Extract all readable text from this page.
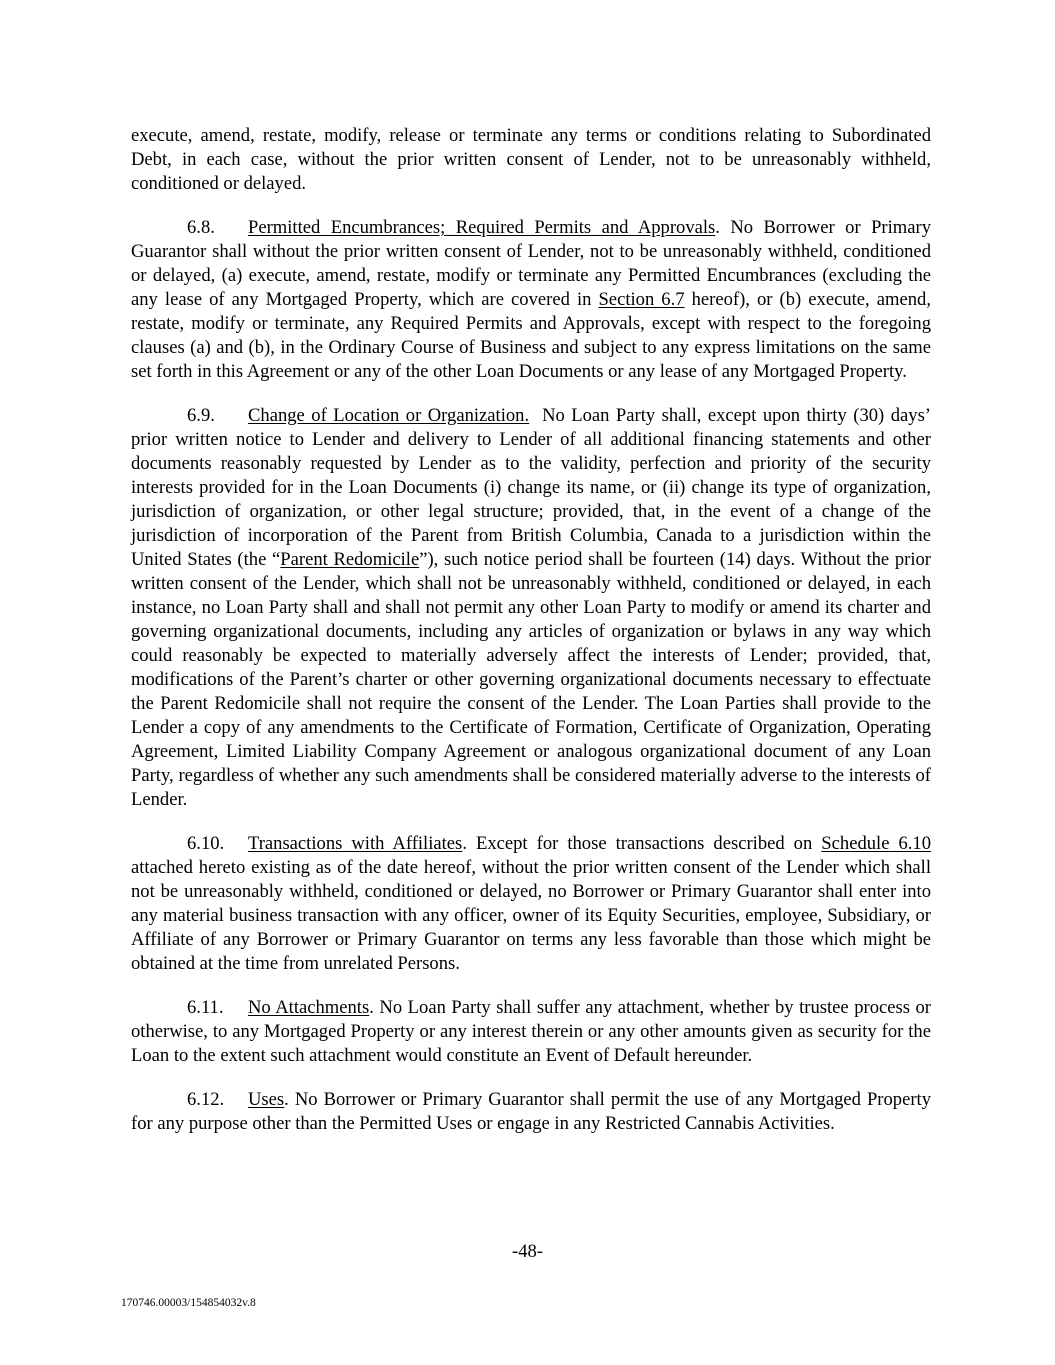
execute, amend, restate, modify, release or terminate any terms or conditions relating to Subordinated Debt, in each case, without the prior written consent of Lender, not to be unreasonably withheld, conditioned or delayed.

6.8. Permitted Encumbrances; Required Permits and Approvals. No Borrower or Primary Guarantor shall without the prior written consent of Lender, not to be unreasonably withheld, conditioned or delayed, (a) execute, amend, restate, modify or terminate any Permitted Encumbrances (excluding the any lease of any Mortgaged Property, which are covered in Section 6.7 hereof), or (b) execute, amend, restate, modify or terminate, any Required Permits and Approvals, except with respect to the foregoing clauses (a) and (b), in the Ordinary Course of Business and subject to any express limitations on the same set forth in this Agreement or any of the other Loan Documents or any lease of any Mortgaged Property.

6.9. Change of Location or Organization.  No Loan Party shall, except upon thirty (30) days’ prior written notice to Lender and delivery to Lender of all additional financing statements and other documents reasonably requested by Lender as to the validity, perfection and priority of the security interests provided for in the Loan Documents (i) change its name, or (ii) change its type of organization, jurisdiction of organization, or other legal structure; provided, that, in the event of a change of the jurisdiction of incorporation of the Parent from British Columbia, Canada to a jurisdiction within the United States (the “Parent Redomicile”), such notice period shall be fourteen (14) days. Without the prior written consent of the Lender, which shall not be unreasonably withheld, conditioned or delayed, in each instance, no Loan Party shall and shall not permit any other Loan Party to modify or amend its charter and governing organizational documents, including any articles of organization or bylaws in any way which could reasonably be expected to materially adversely affect the interests of Lender; provided, that, modifications of the Parent’s charter or other governing organizational documents necessary to effectuate the Parent Redomicile shall not require the consent of the Lender. The Loan Parties shall provide to the Lender a copy of any amendments to the Certificate of Formation, Certificate of Organization, Operating Agreement, Limited Liability Company Agreement or analogous organizational document of any Loan Party, regardless of whether any such amendments shall be considered materially adverse to the interests of Lender.

6.10. Transactions with Affiliates. Except for those transactions described on Schedule 6.10 attached hereto existing as of the date hereof, without the prior written consent of the Lender which shall not be unreasonably withheld, conditioned or delayed, no Borrower or Primary Guarantor shall enter into any material business transaction with any officer, owner of its Equity Securities, employee, Subsidiary, or Affiliate of any Borrower or Primary Guarantor on terms any less favorable than those which might be obtained at the time from unrelated Persons.

6.11. No Attachments. No Loan Party shall suffer any attachment, whether by trustee process or otherwise, to any Mortgaged Property or any interest therein or any other amounts given as security for the Loan to the extent such attachment would constitute an Event of Default hereunder.

6.12. Uses. No Borrower or Primary Guarantor shall permit the use of any Mortgaged Property for any purpose other than the Permitted Uses or engage in any Restricted Cannabis Activities.

-48-
170746.00003/154854032v.8
